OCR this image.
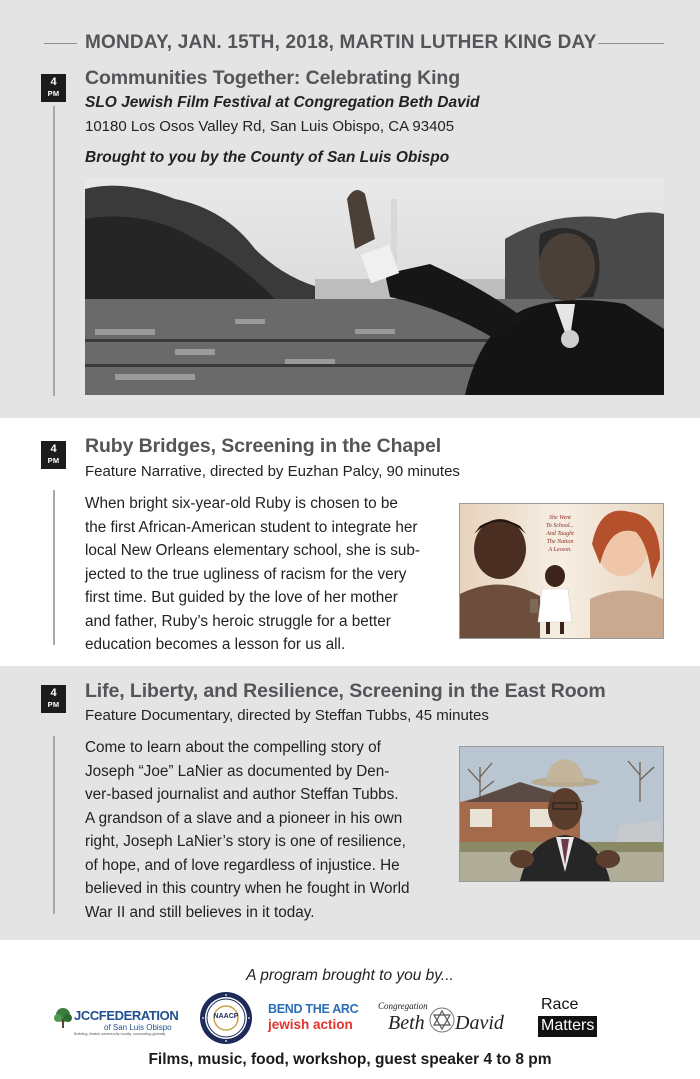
MONDAY, JAN. 15TH, 2018, MARTIN LUTHER KING DAY
4
PM
Communities Together: Celebrating King
SLO Jewish Film Festival at Congregation Beth David
10180 Los Osos Valley Rd, San Luis Obispo, CA 93405
Brought to you by the County of San Luis Obispo
4
PM
Ruby Bridges, Screening in the Chapel
Feature Narrative, directed by Euzhan Palcy, 90 minutes
When bright six-year-old Ruby is chosen to be
the first African-American student to integrate her
local New Orleans elementary school, she is sub-
jected to the true ugliness of racism for the very
first time. But guided by the love of her mother
and father, Ruby’s heroic struggle for a better
education becomes a lesson for us all.
She Went
To School...
And Taught
The Nation
A Lesson.
4
PM
Life, Liberty, and Resilience, Screening in the East Room
Feature Documentary, directed by Steffan Tubbs, 45 minutes
Come to learn about the compelling story of
Joseph “Joe” LaNier as documented by Den-
ver-based journalist and author Steffan Tubbs.
A grandson of a slave and a pioneer in his own
right, Joseph LaNier’s story is one of resilience,
of hope, and of love regardless of injustice. He
believed in this country when he fought in World
War II and still believes in it today.
A program brought to you by...
JCCFEDERATION
of San Luis Obispo
Building Jewish community locally, connecting globally
NAACP
BEND THE ARC
jewish action
Congregation
Beth David
Race
Matters
Films, music, food, workshop, guest speaker 4 to 8 pm
